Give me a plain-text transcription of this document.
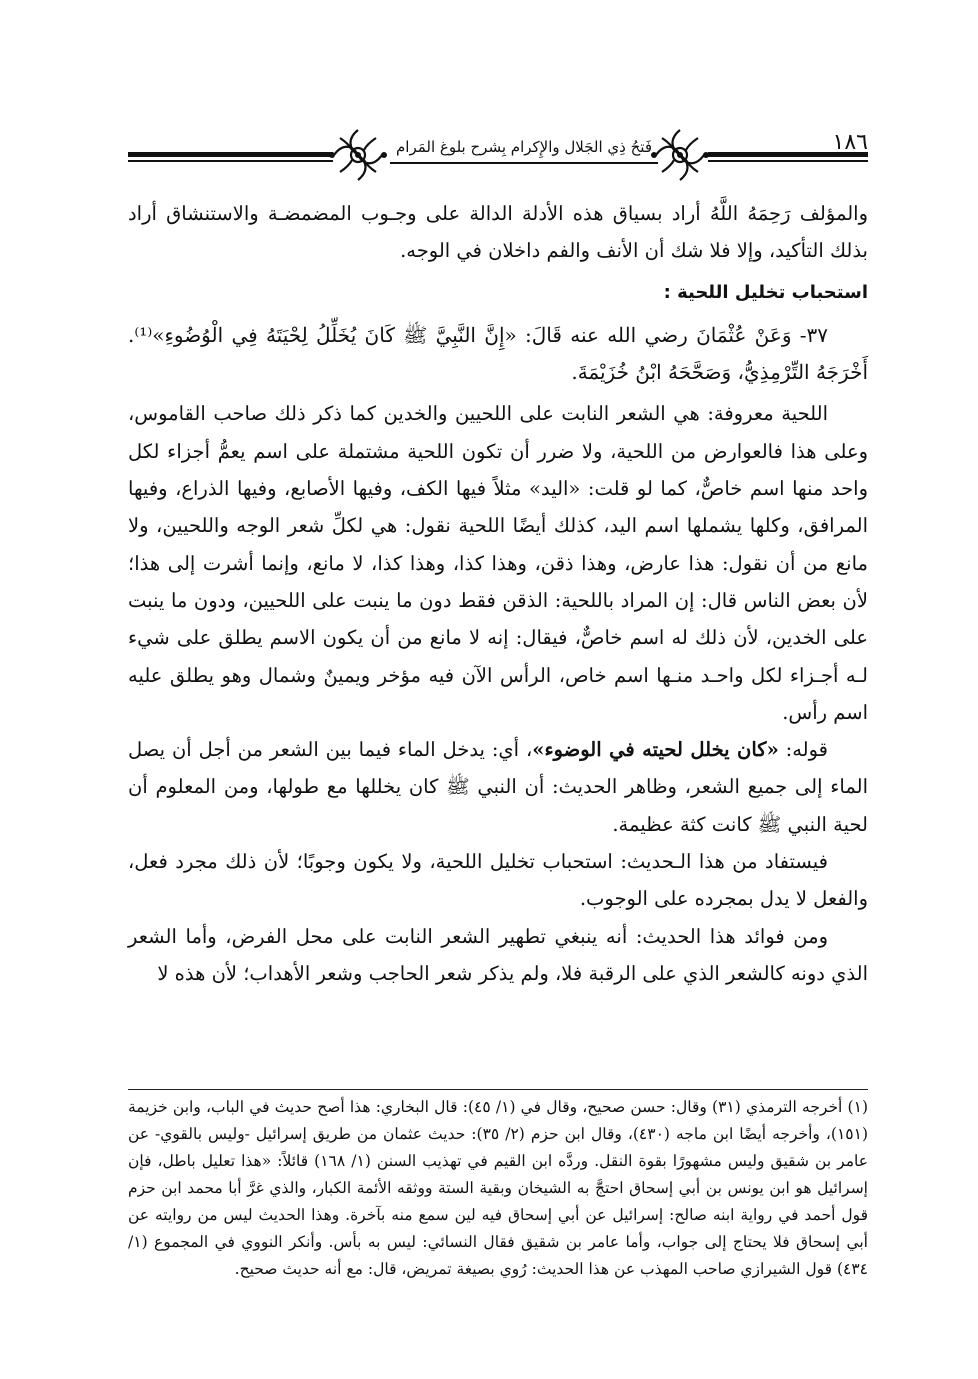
فَتحُ ذِي الجَلال والإِكرام بِشرح بلوغ المَرام	١٨٦

والمؤلف رَحِمَهُ اللَّهُ أراد بسياق هذه الأدلة الدالة على وجـوب المضمضـة والاستنشاق أراد بذلك التأكيد، وإلا فلا شك أن الأنف والفم داخلان في الوجه.

استحباب تخليل اللحية :

٣٧- وَعَنْ عُثْمَانَ رضي الله عنه قَالَ: «إِنَّ النَّبِيَّ ﷺ كَانَ يُخَلِّلُ لِحْيَتَهُ فِي الْوُضُوءِ»⁽¹⁾. أَخْرَجَهُ التِّرْمِذِيُّ، وَصَحَّحَهُ ابْنُ خُزَيْمَةَ.

اللحية معروفة: هي الشعر النابت على اللحيين والخدين كما ذكر ذلك صاحب القاموس، وعلى هذا فالعوارض من اللحية، ولا ضرر أن تكون اللحية مشتملة على اسم يعمُّ أجزاء لكل واحد منها اسم خاصٌّ، كما لو قلت: «اليد» مثلاً فيها الكف، وفيها الأصابع، وفيها الذراع، وفيها المرافق، وكلها يشملها اسم اليد، كذلك أيضًا اللحية نقول: هي لكلِّ شعر الوجه واللحيين، ولا مانع من أن نقول: هذا عارض، وهذا ذقن، وهذا كذا، وهذا كذا، لا مانع، وإنما أشرت إلى هذا؛ لأن بعض الناس قال: إن المراد باللحية: الذقن فقط دون ما ينبت على اللحيين، ودون ما ينبت على الخدين، لأن ذلك له اسم خاصٌّ، فيقال: إنه لا مانع من أن يكون الاسم يطلق على شيء لـه أجـزاء لكل واحـد منـها اسم خاص، الرأس الآن فيه مؤخر ويمينٌ وشمال وهو يطلق عليه اسم رأس.

قوله: «كان يخلل لحيته في الوضوء»، أي: يدخل الماء فيما بين الشعر من أجل أن يصل الماء إلى جميع الشعر، وظاهر الحديث: أن النبي ﷺ كان يخللها مع طولها، ومن المعلوم أن لحية النبي ﷺ كانت كثة عظيمة.

فيستفاد من هذا الـحديث: استحباب تخليل اللحية، ولا يكون وجوبًا؛ لأن ذلك مجرد فعل، والفعل لا يدل بمجرده على الوجوب.

ومن فوائد هذا الحديث: أنه ينبغي تطهير الشعر النابت على محل الفرض، وأما الشعر الذي دونه كالشعر الذي على الرقبة فلا، ولم يذكر شعر الحاجب وشعر الأهداب؛ لأن هذه لا

(١) أخرجه الترمذي (٣١) وقال: حسن صحيح، وقال في (١/ ٤٥): قال البخاري: هذا أصح حديث في الباب، وابن خزيمة (١٥١)، وأخرجه أيضًا ابن ماجه (٤٣٠)، وقال ابن حزم (٢/ ٣٥): حديث عثمان من طريق إسرائيل -وليس بالقوي- عن عامر بن شقيق وليس مشهورًا بقوة النقل. وردَّه ابن القيم في تهذيب السنن (١/ ١٦٨) قائلاً: «هذا تعليل باطل، فإن إسرائيل هو ابن يونس بن أبي إسحاق احتجَّ به الشيخان وبقية الستة ووثقه الأئمة الكبار، والذي غرَّ أبا محمد ابن حزم قول أحمد في رواية ابنه صالح: إسرائيل عن أبي إسحاق فيه لين سمع منه بآخرة. وهذا الحديث ليس من روايته عن أبي إسحاق فلا يحتاج إلى جواب، وأما عامر بن شقيق فقال النسائي: ليس به بأس. وأنكر النووي في المجموع (١/ ٤٣٤) قول الشيرازي صاحب المهذب عن هذا الحديث: رُوي بصيغة تمريض، قال: مع أنه حديث صحيح.
